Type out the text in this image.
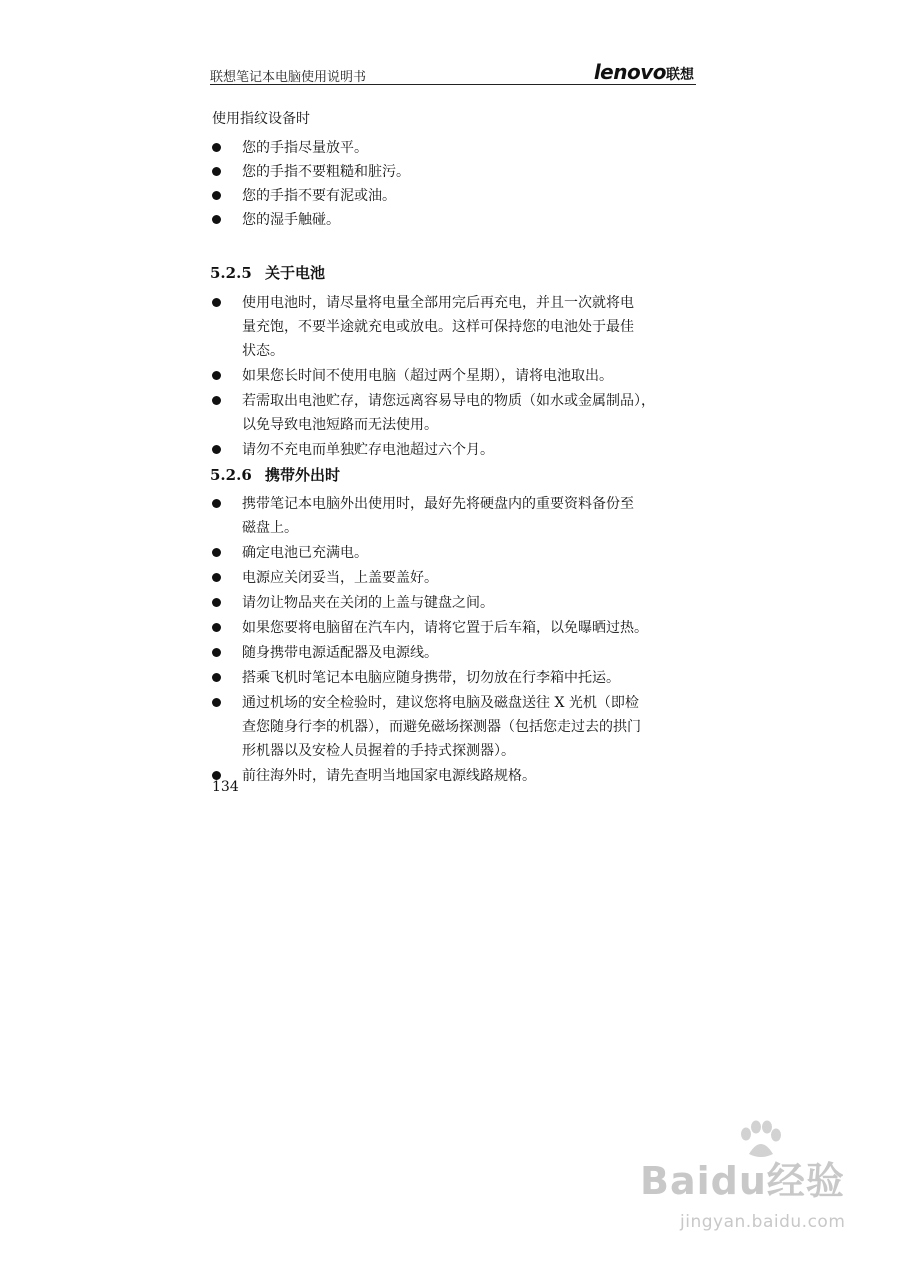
联想笔记本电脑使用说明书	lenovo联想
使用指纹设备时
您的手指尽量放平。
您的手指不要粗糙和脏污。
您的手指不要有泥或油。
您的湿手触碰。
5.2.5 关于电池
使用电池时，请尽量将电量全部用完后再充电，并且一次就将电
量充饱，不要半途就充电或放电。这样可保持您的电池处于最佳
状态。
如果您长时间不使用电脑（超过两个星期），请将电池取出。
若需取出电池贮存，请您远离容易导电的物质（如水或金属制品），
以免导致电池短路而无法使用。
请勿不充电而单独贮存电池超过六个月。
5.2.6 携带外出时
携带笔记本电脑外出使用时，最好先将硬盘内的重要资料备份至
磁盘上。
确定电池已充满电。
电源应关闭妥当，上盖要盖好。
请勿让物品夹在关闭的上盖与键盘之间。
如果您要将电脑留在汽车内，请将它置于后车箱，以免曝晒过热。
随身携带电源适配器及电源线。
搭乘飞机时笔记本电脑应随身携带，切勿放在行李箱中托运。
通过机场的安全检验时，建议您将电脑及磁盘送往 X 光机（即检
查您随身行李的机器），而避免磁场探测器（包括您走过去的拱门
形机器以及安检人员握着的手持式探测器）。
前往海外时，请先查明当地国家电源线路规格。
134
Baidu经验
jingyan.baidu.com
